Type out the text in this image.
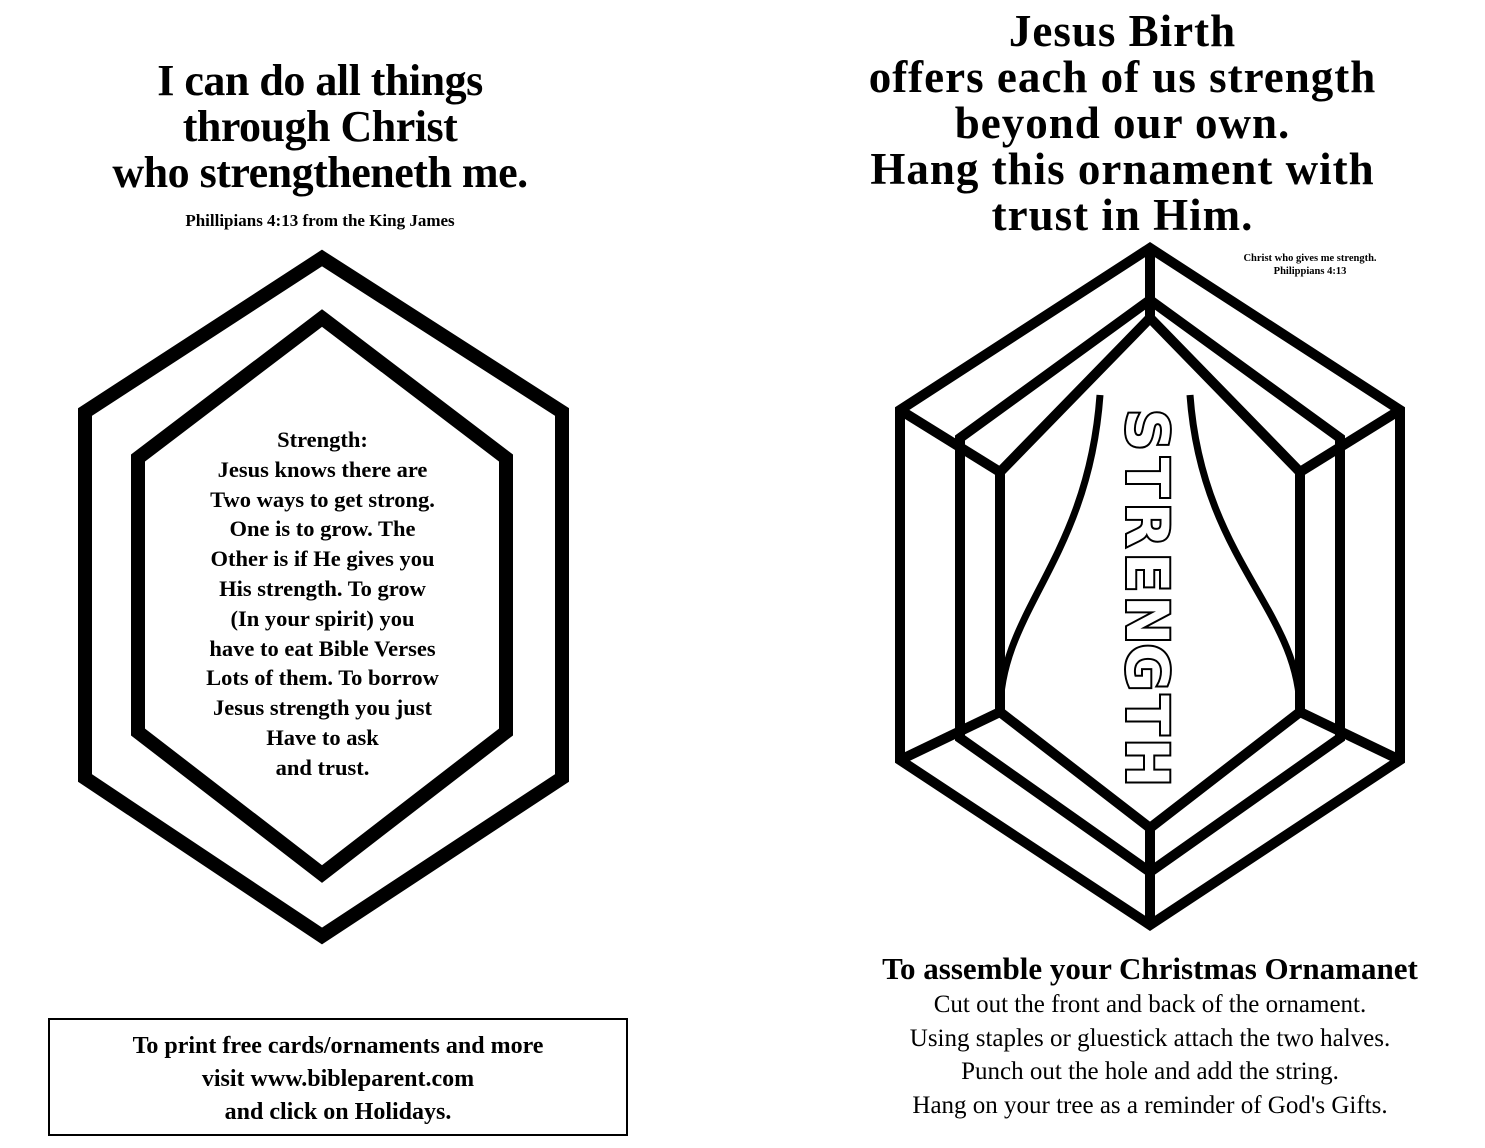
S
T
R
E
N
G
T
H
I can do all things
through Christ
who strengtheneth me.
Phillipians 4:13 from the King James
Strength:
Jesus knows there are
Two ways to get strong.
One is to grow. The
Other is if He gives you
His strength. To grow
(In your spirit) you
have to eat Bible Verses
Lots of them. To borrow
Jesus strength you just
Have to ask
and trust.
To print free cards/ornaments and more
visit www.bibleparent.com
and click on Holidays.
Jesus Birth
offers each of us strength
beyond our own.
Hang this ornament with
trust in Him.
Christ who gives me strength.
Philippians 4:13
To assemble your Christmas Ornamanet
Cut out the front and back of the ornament.
Using staples or gluestick attach the two halves.
Punch out the hole and add the string.
Hang on your tree as a reminder of God's Gifts.
